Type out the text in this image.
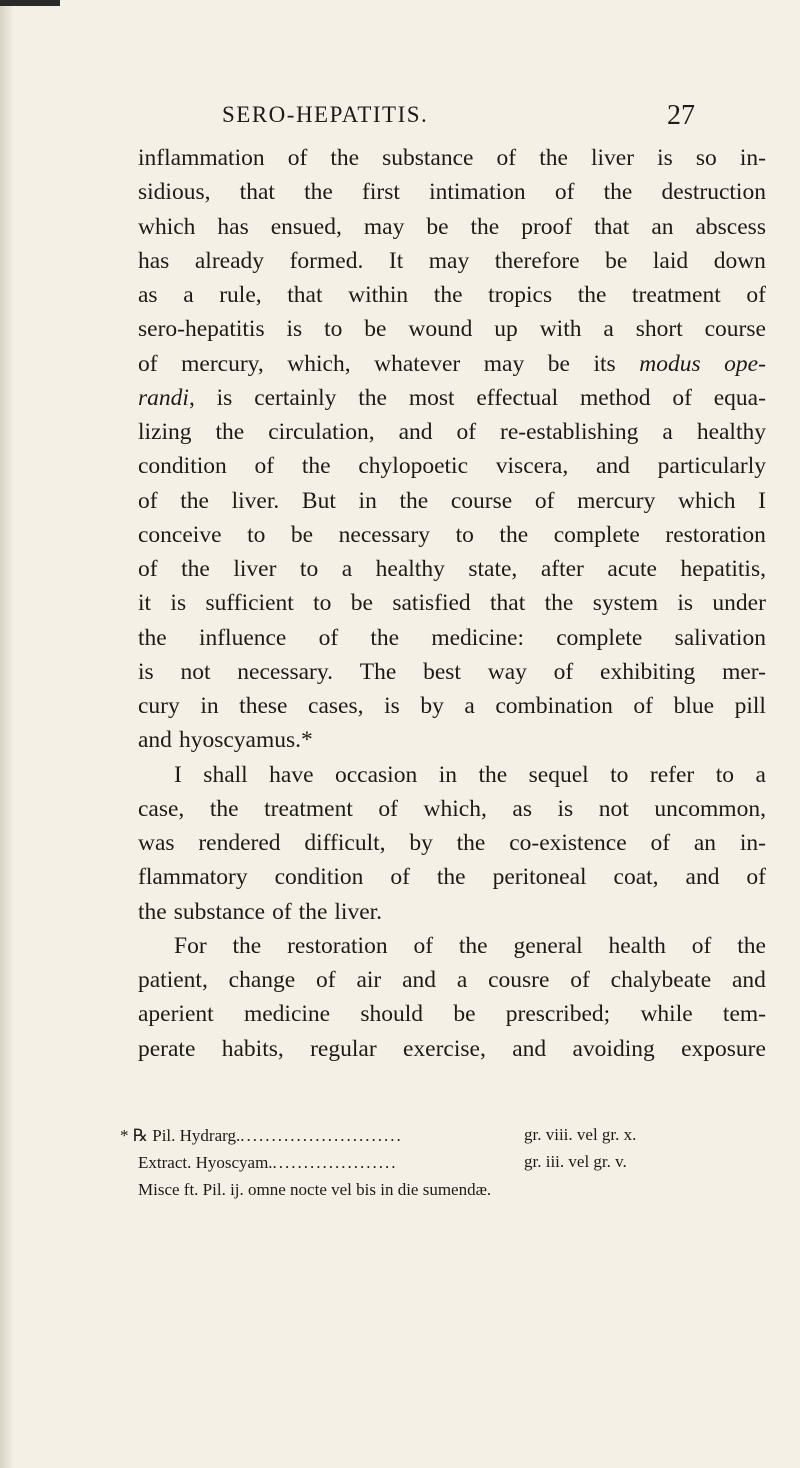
SERO-HEPATITIS.	27
inflammation of the substance of the liver is so in-
sidious, that the first intimation of the destruction
which has ensued, may be the proof that an abscess
has already formed. It may therefore be laid down
as a rule, that within the tropics the treatment of
sero-hepatitis is to be wound up with a short course
of mercury, which, whatever may be its modus ope-
randi, is certainly the most effectual method of equa-
lizing the circulation, and of re-establishing a healthy
condition of the chylopoetic viscera, and particularly
of the liver. But in the course of mercury which I
conceive to be necessary to the complete restoration
of the liver to a healthy state, after acute hepatitis,
it is sufficient to be satisfied that the system is under
the influence of the medicine: complete salivation
is not necessary. The best way of exhibiting mer-
cury in these cases, is by a combination of blue pill
and hyoscyamus.*
I shall have occasion in the sequel to refer to a
case, the treatment of which, as is not uncommon,
was rendered difficult, by the co-existence of an in-
flammatory condition of the peritoneal coat, and of
the substance of the liver.
For the restoration of the general health of the
patient, change of air and a cousre of chalybeate and
aperient medicine should be prescribed; while tem-
perate habits, regular exercise, and avoiding exposure
* ℞ Pil. Hydrarg...........................	gr. viii. vel gr. x.
Extract. Hyoscyam.....................	gr. iii. vel gr. v.
Misce ft. Pil. ij. omne nocte vel bis in die sumendæ.
